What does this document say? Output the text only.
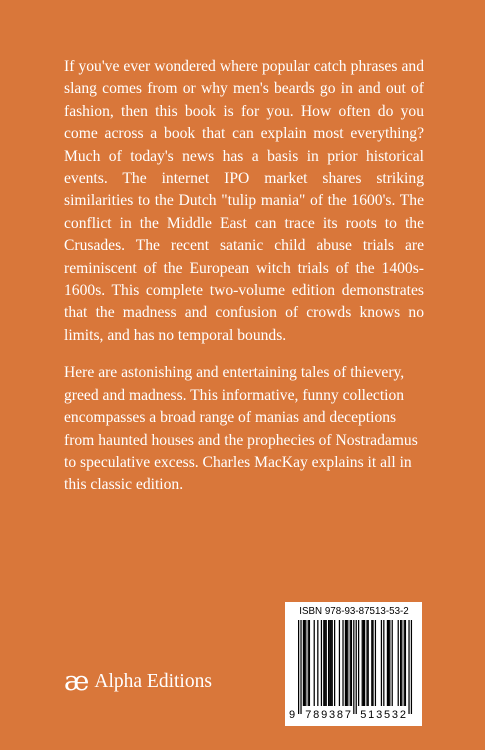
If you've ever wondered where popular catch phrases and slang comes from or why men's beards go in and out of fashion, then this book is for you. How often do you come across a book that can explain most everything? Much of today's news has a basis in prior historical events. The internet IPO market shares striking similarities to the Dutch "tulip mania" of the 1600's. The conflict in the Middle East can trace its roots to the Crusades. The recent satanic child abuse trials are reminiscent of the European witch trials of the 1400s-1600s. This complete two-volume edition demonstrates that the madness and confusion of crowds knows no limits, and has no temporal bounds.

Here are astonishing and entertaining tales of thievery, greed and madness. This informative, funny collection encompasses a broad range of manias and deceptions from haunted houses and the prophecies of Nostradamus to speculative excess. Charles MacKay explains it all in this classic edition.

æ Alpha Editions
ISBN 978-93-87513-53-2
9 789387 513532
